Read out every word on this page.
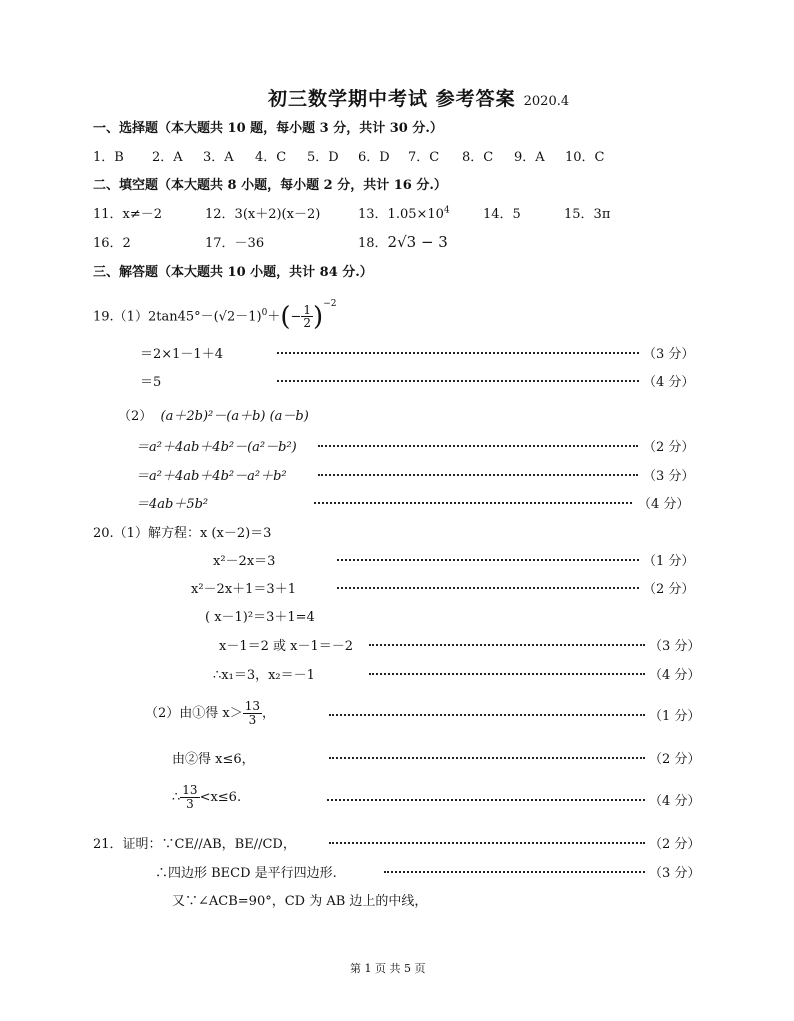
初三数学期中考试 参考答案 2020.4
一、选择题（本大题共 10 题，每小题 3 分，共计 30 分.）
1．B 2．A 3．A 4．C 5．D 6．D 7．C 8．C 9．A 10．C
二、填空题（本大题共 8 小题，每小题 2 分，共计 16 分.）
11．x≠－2	12．3(x＋2)(x－2)	13．$1.05\times 10^4$	14．5	15．3π
16．2	17．－36	18．2√3 − 3
三、解答题（本大题共 10 小题，共计 84 分.）
$19.(1)2\tan 45^\circ-(√2-1)^0+(- \frac{1}{2} )^{-2}$
＝2×1－1＋4	（3 分）
＝5	（4 分）
（2） (a＋2b)²－(a＋b) (a－b)
＝a²＋4ab＋4b²－(a²－b²)	（2 分）
＝a²＋4ab＋4b²－a²＋b²	（3 分）
＝4ab＋5b²	（4 分）
20.（1）解方程：x (x－2)＝3
x²－2x＝3	（1 分）
x²－2x＋1＝3＋1	（2 分）
( x－1)²＝3＋1=4
x－1＝2 或 x－1＝－2	（3 分）
∴x₁＝3，x₂＝－1	（4 分）
（2）由①得 $x> \frac{13}{3}$ ，	（1 分）
由②得 x≤6，	（2 分）
∴ $\frac{13}{3} <x\le 6$.	（4 分）
21．证明：∵CE//AB，BE//CD，	（2 分）
∴四边形 BECD 是平行四边形.	（3 分）
又∵∠ACB=90°，CD 为 AB 边上的中线，
第 1 页 共 5 页
